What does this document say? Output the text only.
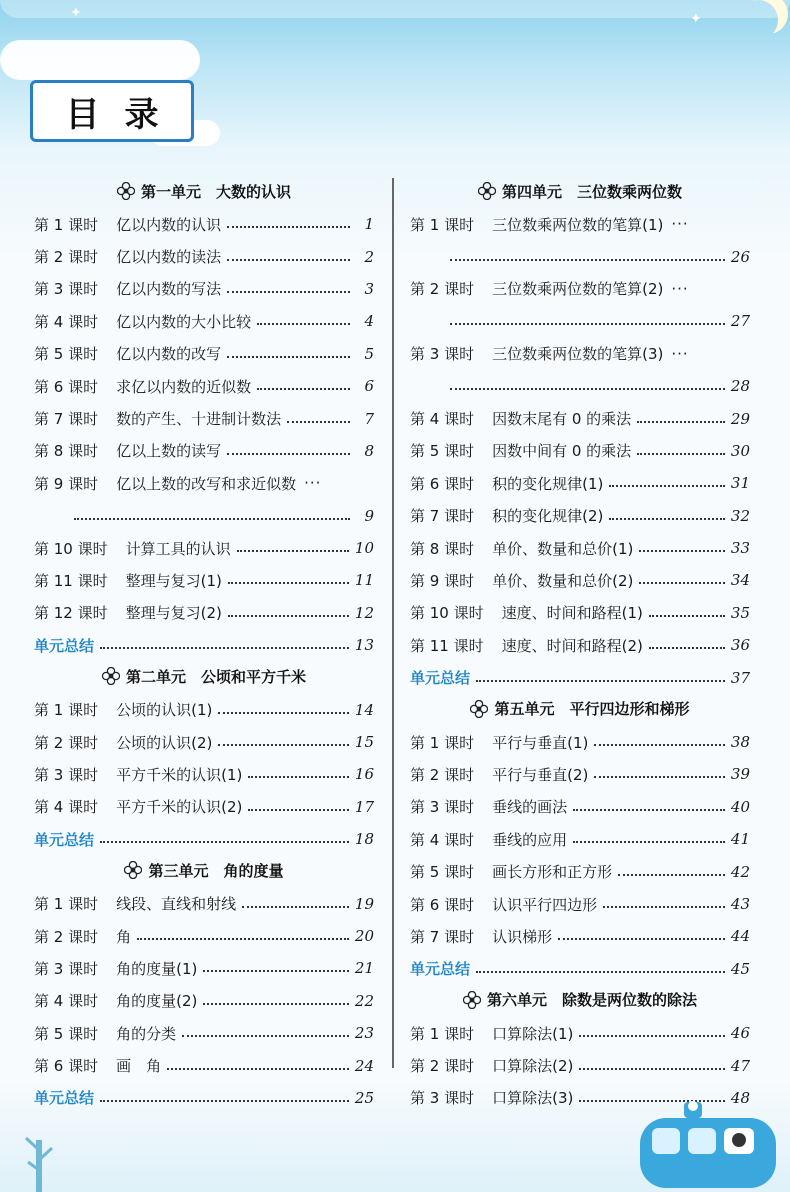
✦	✦
目 录
第一单元　大数的认识
第 1 课时 亿以内数的认识	1
第 2 课时 亿以内数的读法	2
第 3 课时 亿以内数的写法	3
第 4 课时 亿以内数的大小比较	4
第 5 课时 亿以内数的改写	5
第 6 课时 求亿以内数的近似数	6
第 7 课时 数的产生、十进制计数法	7
第 8 课时 亿以上数的读写	8
第 9 课时 亿以上数的改写和求近似数 ···
9
第 10 课时 计算工具的认识	10
第 11 课时 整理与复习(1)	11
第 12 课时 整理与复习(2)	12
单元总结	13
第二单元　公顷和平方千米
第 1 课时 公顷的认识(1)	14
第 2 课时 公顷的认识(2)	15
第 3 课时 平方千米的认识(1)	16
第 4 课时 平方千米的认识(2)	17
单元总结	18
第三单元　角的度量
第 1 课时 线段、直线和射线	19
第 2 课时 角	20
第 3 课时 角的度量(1)	21
第 4 课时 角的度量(2)	22
第 5 课时 角的分类	23
第 6 课时 画　角	24
单元总结	25
第四单元　三位数乘两位数
第 1 课时 三位数乘两位数的笔算(1) ···
26
第 2 课时 三位数乘两位数的笔算(2) ···
27
第 3 课时 三位数乘两位数的笔算(3) ···
28
第 4 课时 因数末尾有 0 的乘法	29
第 5 课时 因数中间有 0 的乘法	30
第 6 课时 积的变化规律(1)	31
第 7 课时 积的变化规律(2)	32
第 8 课时 单价、数量和总价(1)	33
第 9 课时 单价、数量和总价(2)	34
第 10 课时 速度、时间和路程(1)	35
第 11 课时 速度、时间和路程(2)	36
单元总结	37
第五单元　平行四边形和梯形
第 1 课时 平行与垂直(1)	38
第 2 课时 平行与垂直(2)	39
第 3 课时 垂线的画法	40
第 4 课时 垂线的应用	41
第 5 课时 画长方形和正方形	42
第 6 课时 认识平行四边形	43
第 7 课时 认识梯形	44
单元总结	45
第六单元　除数是两位数的除法
第 1 课时 口算除法(1)	46
第 2 课时 口算除法(2)	47
第 3 课时 口算除法(3)	48
